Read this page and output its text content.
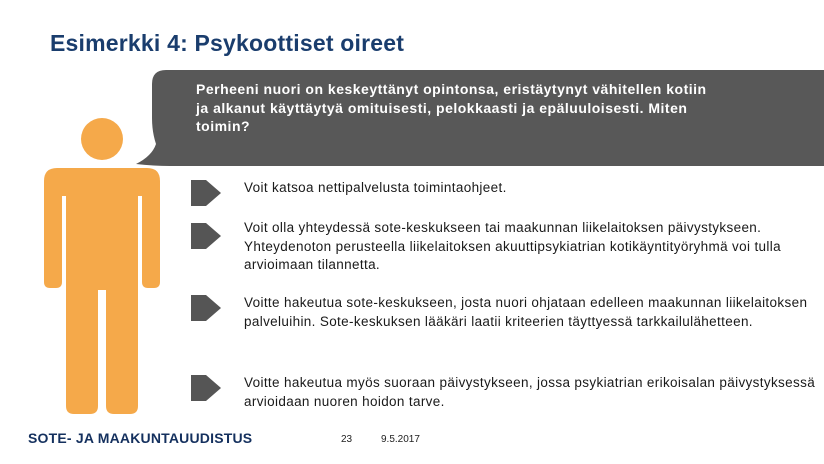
Esimerkki 4: Psykoottiset oireet
Perheeni nuori on keskeyttänyt opintonsa, eristäytynyt vähitellen kotiin ja alkanut käyttäytyä omituisesti, pelokkaasti ja epäluuloisesti. Miten toimin?
Voit katsoa nettipalvelusta toimintaohjeet.
Voit olla yhteydessä sote-keskukseen tai maakunnan liikelaitoksen päivystykseen. Yhteydenoton perusteella liikelaitoksen akuuttipsykiatrian kotikäyntityöryhmä voi tulla arvioimaan tilannetta.
Voitte hakeutua sote-keskukseen, josta nuori ohjataan edelleen maakunnan liikelaitoksen palveluihin. Sote-keskuksen lääkäri laatii kriteerien täyttyessä tarkkailulähetteen.
Voitte hakeutua myös suoraan päivystykseen, jossa psykiatrian erikoisalan päivystyksessä arvioidaan nuoren hoidon tarve.
SOTE- JA MAAKUNTAUUDISTUS	23	9.5.2017
